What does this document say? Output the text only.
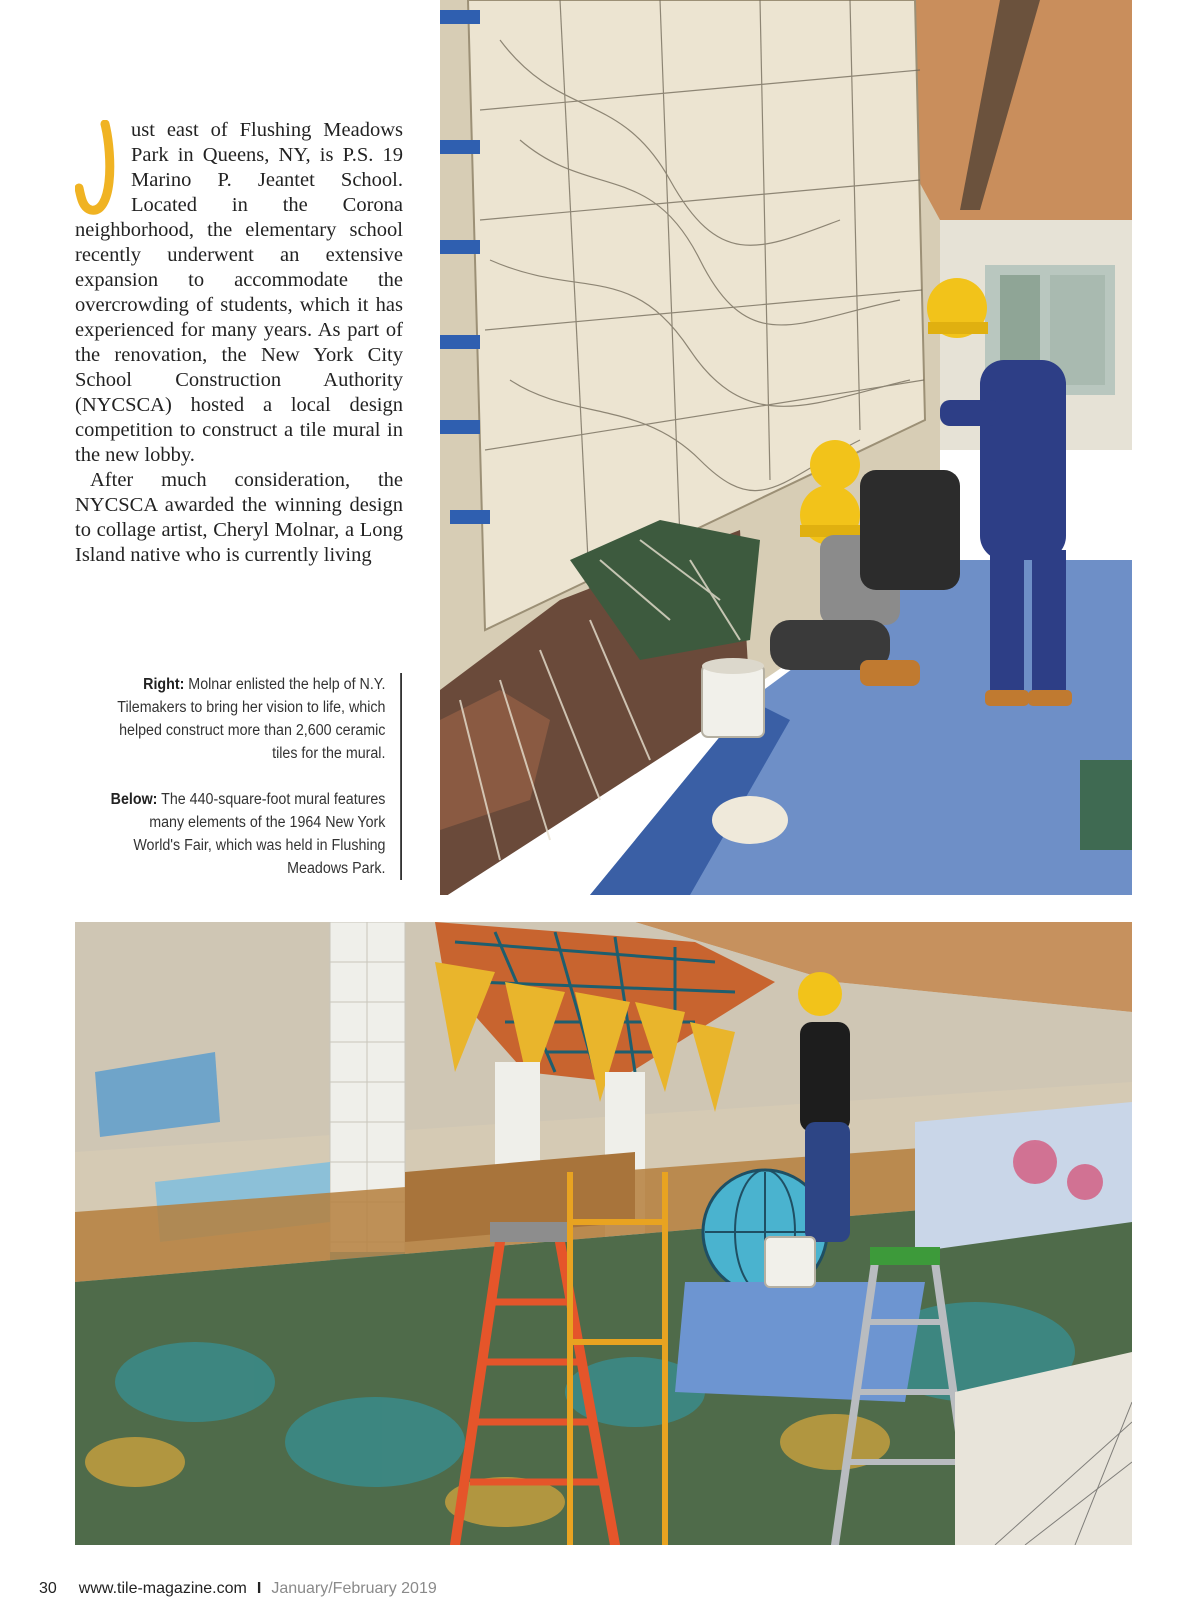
ust east of Flushing Meadows Park in Queens, NY, is P.S. 19 Marino P. Jeantet School. Located in the Corona neighborhood, the elementary school recently underwent an extensive expansion to accommodate the overcrowding of students, which it has experienced for many years. As part of the renovation, the New York City School Construction Authority (NYCSCA) hosted a local design competition to construct a tile mural in the new lobby.

After much consideration, the NYCSCA awarded the winning design to collage artist, Cheryl Molnar, a Long Island native who is currently living

Right: Molnar enlisted the help of N.Y. Tilemakers to bring her vision to life, which helped construct more than 2,600 ceramic tiles for the mural.

Below: The 440-square-foot mural features many elements of the 1964 New York World's Fair, which was held in Flushing Meadows Park.

30 www.tile-magazine.com I January/February 2019
